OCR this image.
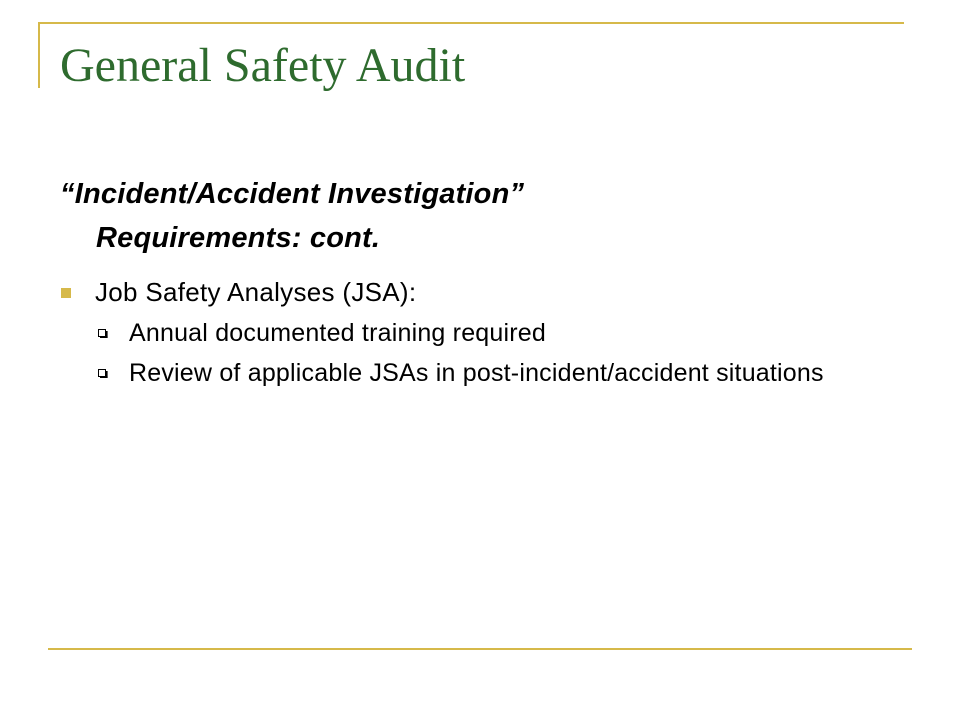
General Safety Audit

“Incident/Accident Investigation”
Requirements: cont.

Job Safety Analyses (JSA):
Annual documented training required
Review of applicable JSAs in post-incident/accident situations
